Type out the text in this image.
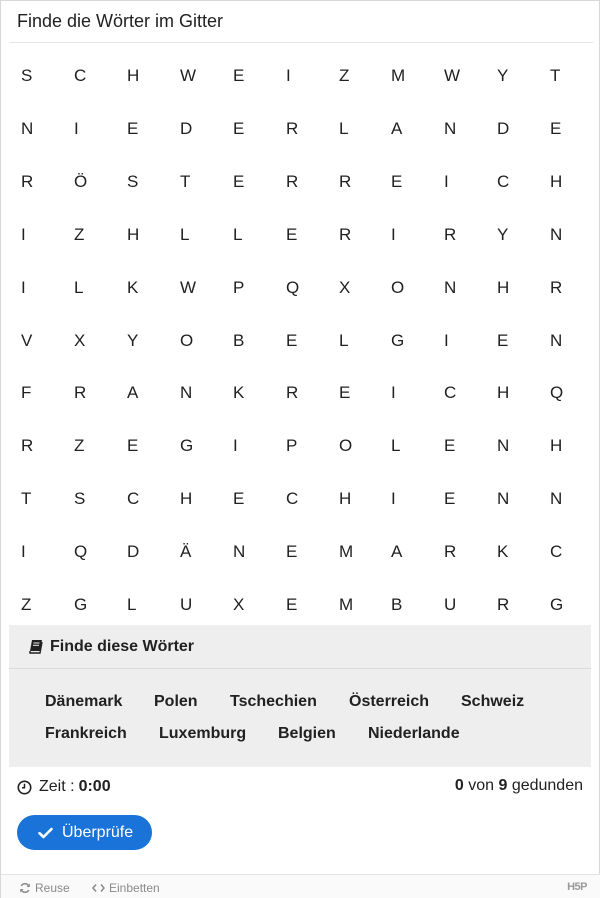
Finde die Wörter im Gitter
S	C	H	W	E	I	Z	M	W	Y	T
N	I	E	D	E	R	L	A	N	D	E
R	Ö	S	T	E	R	R	E	I	C	H
I	Z	H	L	L	E	R	I	R	Y	N
I	L	K	W	P	Q	X	O	N	H	R
V	X	Y	O	B	E	L	G	I	E	N
F	R	A	N	K	R	E	I	C	H	Q
R	Z	E	G	I	P	O	L	E	N	H
T	S	C	H	E	C	H	I	E	N	N
I	Q	D	Ä	N	E	M	A	R	K	C
Z	G	L	U	X	E	M	B	U	R	G
Finde diese Wörter
Dänemark Polen Tschechien Österreich Schweiz
Frankreich Luxemburg Belgien Niederlande
Zeit : 0:00	0 von 9 gedunden
Überprüfe
Reuse	Einbetten	H5P
